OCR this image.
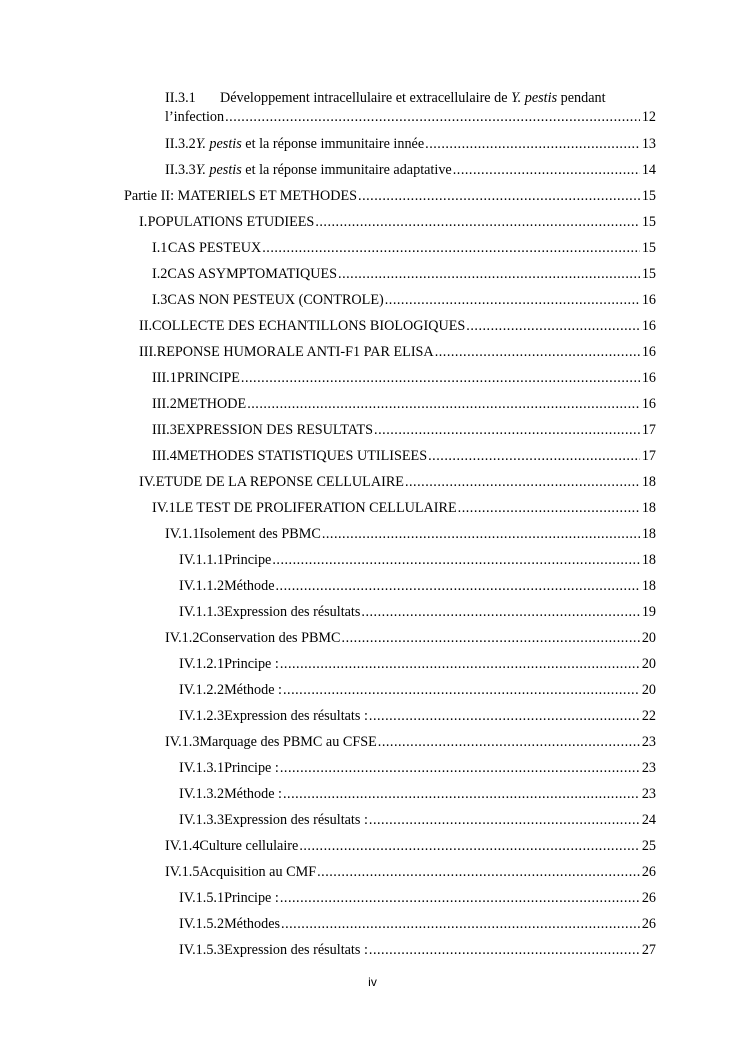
II.3.1	Développement intracellulaire et extracellulaire de Y. pestis pendant
l’infection .....	12
II.3.2 Y. pestis et la réponse immunitaire innée .....	13
II.3.3 Y. pestis et la réponse immunitaire adaptative .....	14
Partie II: MATERIELS ET METHODES .....	15
I. POPULATIONS ETUDIEES .....	15
I.1 CAS PESTEUX .....	15
I.2 CAS ASYMPTOMATIQUES .....	15
I.3 CAS NON PESTEUX (CONTROLE) .....	16
II. COLLECTE DES ECHANTILLONS BIOLOGIQUES .....	16
III. REPONSE HUMORALE ANTI-F1 PAR ELISA .....	16
III.1 PRINCIPE .....	16
III.2 METHODE .....	16
III.3 EXPRESSION DES RESULTATS .....	17
III.4 METHODES STATISTIQUES UTILISEES .....	17
IV. ETUDE DE LA REPONSE CELLULAIRE .....	18
IV.1 LE TEST DE PROLIFERATION CELLULAIRE .....	18
IV.1.1 Isolement des PBMC .....	18
IV.1.1.1 Principe .....	18
IV.1.1.2 Méthode .....	18
IV.1.1.3 Expression des résultats .....	19
IV.1.2 Conservation des PBMC .....	20
IV.1.2.1 Principe : .....	20
IV.1.2.2 Méthode : .....	20
IV.1.2.3 Expression des résultats : .....	22
IV.1.3 Marquage des PBMC au CFSE .....	23
IV.1.3.1 Principe : .....	23
IV.1.3.2 Méthode : .....	23
IV.1.3.3 Expression des résultats : .....	24
IV.1.4 Culture cellulaire .....	25
IV.1.5 Acquisition au CMF .....	26
IV.1.5.1 Principe : .....	26
IV.1.5.2 Méthodes .....	26
IV.1.5.3 Expression des résultats : .....	27
iv
